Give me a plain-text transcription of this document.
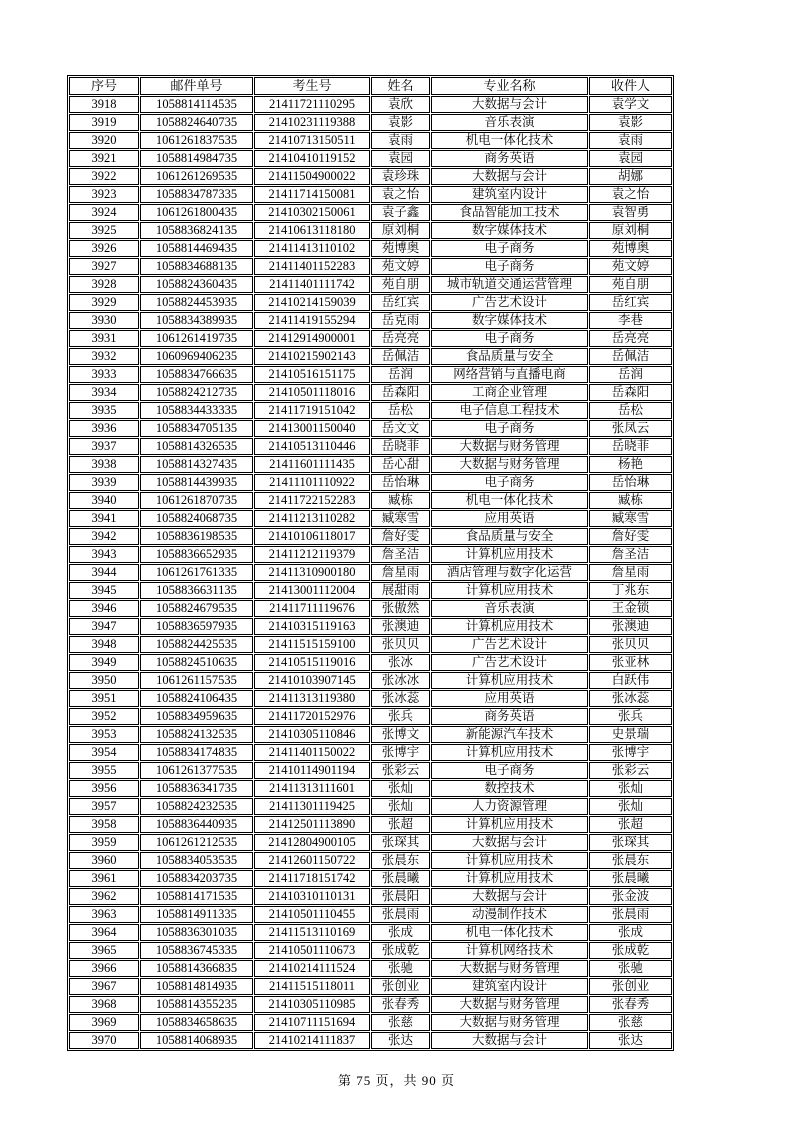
序号	邮件单号	考生号	姓名	专业名称	收件人
3918	1058814114535	21411721110295	袁欣	大数据与会计	袁学文
3919	1058824640735	21410231119388	袁影	音乐表演	袁影
3920	1061261837535	21410713150511	袁雨	机电一体化技术	袁雨
3921	1058814984735	21410410119152	袁园	商务英语	袁园
3922	1061261269535	21411504900022	袁珍珠	大数据与会计	胡娜
3923	1058834787335	21411714150081	袁之怡	建筑室内设计	袁之怡
3924	1061261800435	21410302150061	袁子鑫	食品智能加工技术	袁智勇
3925	1058836824135	21410613118180	原刘桐	数字媒体技术	原刘桐
3926	1058814469435	21411413110102	苑博奥	电子商务	苑博奥
3927	1058834688135	21411401152283	苑文婷	电子商务	苑文婷
3928	1058824360435	21411401111742	苑自朋	城市轨道交通运营管理	苑自朋
3929	1058824453935	21410214159039	岳红宾	广告艺术设计	岳红宾
3930	1058834389935	21411419155294	岳克雨	数字媒体技术	李巷
3931	1061261419735	21412914900001	岳亮亮	电子商务	岳亮亮
3932	1060969406235	21410215902143	岳佩洁	食品质量与安全	岳佩洁
3933	1058834766635	21410516151175	岳润	网络营销与直播电商	岳润
3934	1058824212735	21410501118016	岳森阳	工商企业管理	岳森阳
3935	1058834433335	21411719151042	岳松	电子信息工程技术	岳松
3936	1058834705135	21413001150040	岳文文	电子商务	张凤云
3937	1058814326535	21410513110446	岳晓菲	大数据与财务管理	岳晓菲
3938	1058814327435	21411601111435	岳心甜	大数据与财务管理	杨艳
3939	1058814439935	21411101110922	岳怡琳	电子商务	岳怡琳
3940	1061261870735	21411722152283	臧栋	机电一体化技术	臧栋
3941	1058824068735	21411213110282	臧寒雪	应用英语	臧寒雪
3942	1058836198535	21410106118017	詹好雯	食品质量与安全	詹好雯
3943	1058836652935	21411212119379	詹圣洁	计算机应用技术	詹圣洁
3944	1061261761335	21411310900180	詹星雨	酒店管理与数字化运营	詹星雨
3945	1058836631135	21413001112004	展甜雨	计算机应用技术	丁兆东
3946	1058824679535	21411711119676	张傲然	音乐表演	王金锁
3947	1058836597935	21410315119163	张澳迪	计算机应用技术	张澳迪
3948	1058824425535	21411515159100	张贝贝	广告艺术设计	张贝贝
3949	1058824510635	21410515119016	张冰	广告艺术设计	张亚林
3950	1061261157535	21410103907145	张冰冰	计算机应用技术	白跃伟
3951	1058824106435	21411313119380	张冰蕊	应用英语	张冰蕊
3952	1058834959635	21411720152976	张兵	商务英语	张兵
3953	1058824132535	21410305110846	张博文	新能源汽车技术	史景瑞
3954	1058834174835	21411401150022	张博宇	计算机应用技术	张博宇
3955	1061261377535	21410114901194	张彩云	电子商务	张彩云
3956	1058836341735	21411313111601	张灿	数控技术	张灿
3957	1058824232535	21411301119425	张灿	人力资源管理	张灿
3958	1058836440935	21412501113890	张超	计算机应用技术	张超
3959	1061261212535	21412804900105	张琛其	大数据与会计	张琛其
3960	1058834053535	21412601150722	张晨东	计算机应用技术	张晨东
3961	1058834203735	21411718151742	张晨曦	计算机应用技术	张晨曦
3962	1058814171535	21410310110131	张晨阳	大数据与会计	张金波
3963	1058814911335	21410501110455	张晨雨	动漫制作技术	张晨雨
3964	1058836301035	21411513110169	张成	机电一体化技术	张成
3965	1058836745335	21410501110673	张成乾	计算机网络技术	张成乾
3966	1058814366835	21410214111524	张驰	大数据与财务管理	张驰
3967	1058814814935	21411515118011	张创业	建筑室内设计	张创业
3968	1058814355235	21410305110985	张春秀	大数据与财务管理	张春秀
3969	1058834658635	21410711151694	张慈	大数据与财务管理	张慈
3970	1058814068935	21410214111837	张达	大数据与会计	张达
第 75 页，共 90 页
